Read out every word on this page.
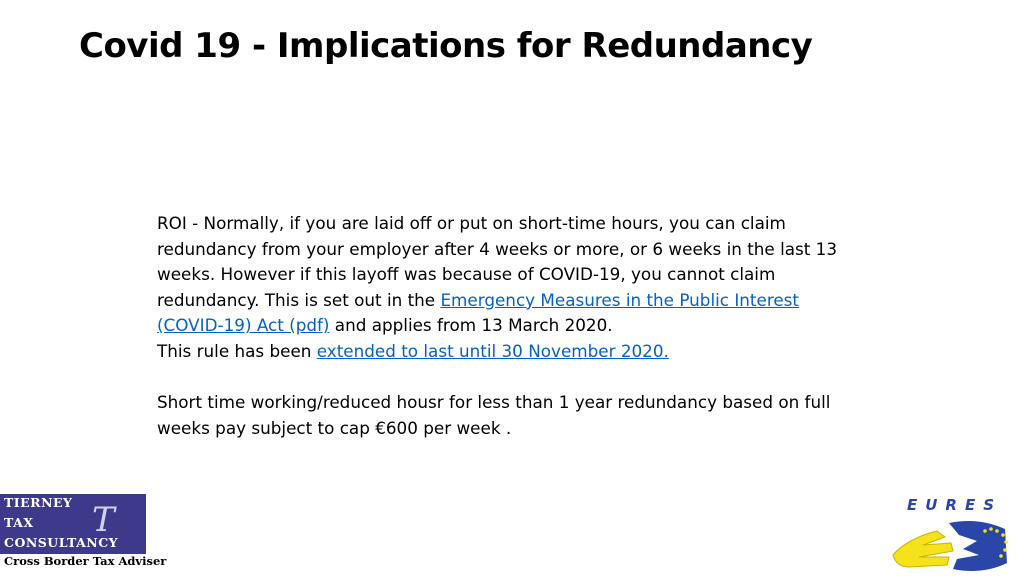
Covid 19 - Implications for Redundancy

ROI - Normally, if you are laid off or put on short-time hours, you can claim redundancy from your employer after 4 weeks or more, or 6 weeks in the last 13 weeks. However if this layoff was because of COVID-19, you cannot claim redundancy. This is set out in the Emergency Measures in the Public Interest (COVID-19) Act (pdf) and applies from 13 March 2020.

This rule has been extended to last until 30 November 2020.

Short time working/reduced housr for less than 1 year redundancy based on full weeks pay subject to cap €600 per week .

TIERNEY
TAX
CONSULTANCY
T
Cross Border Tax Adviser
EURES
